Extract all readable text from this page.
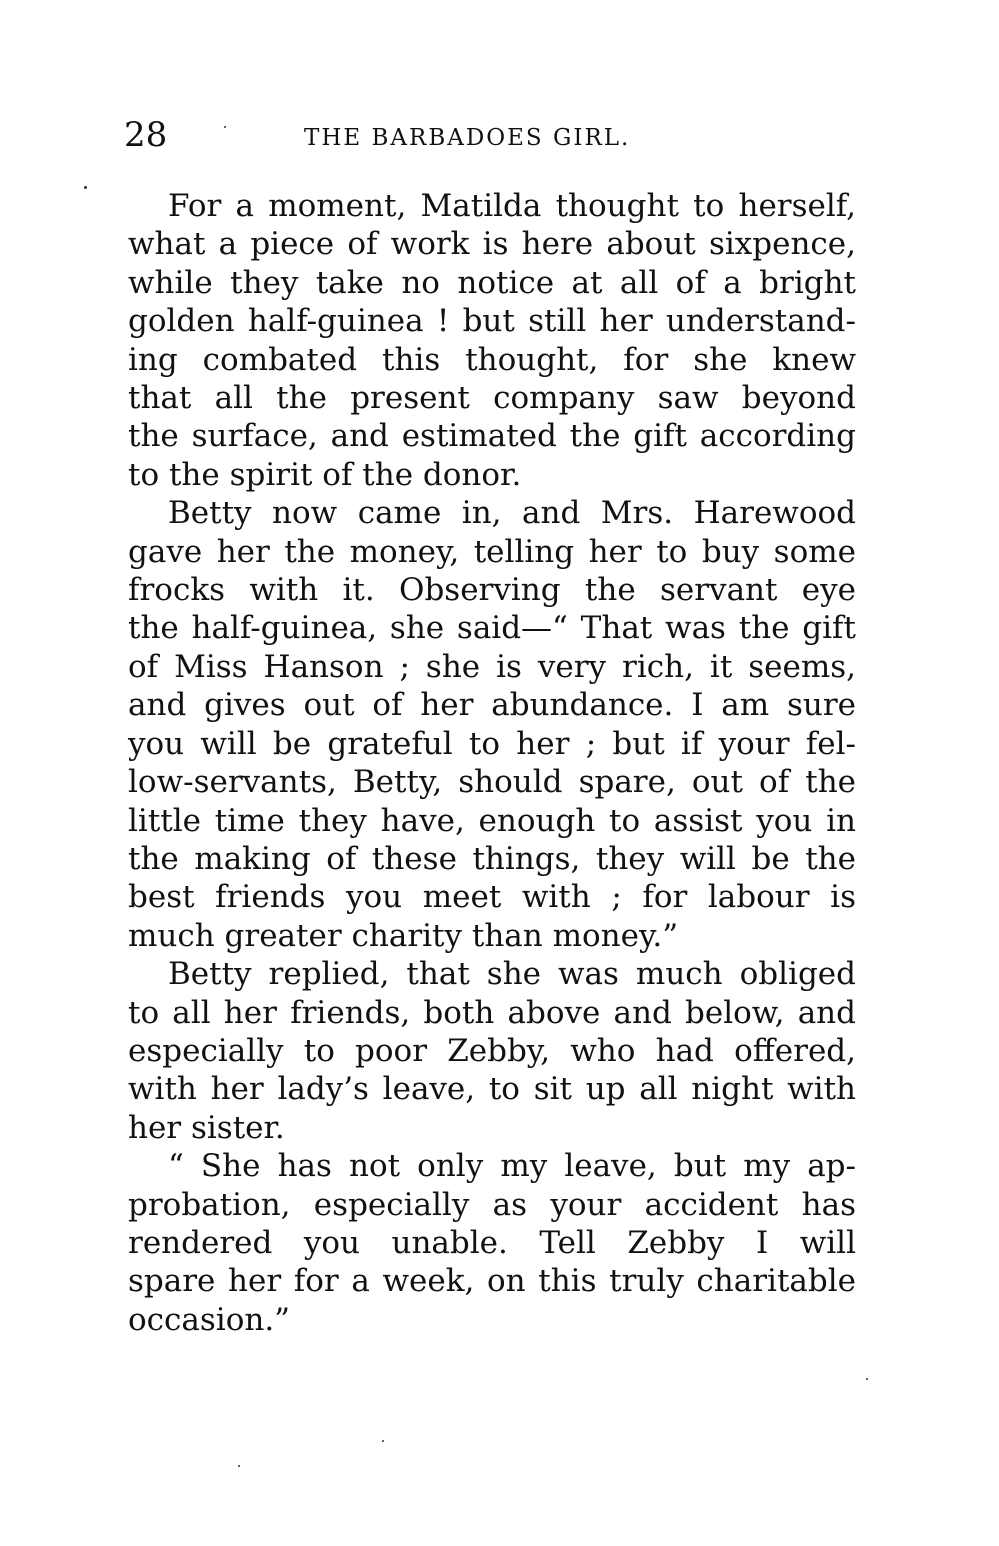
28	THE BARBADOES GIRL.
For a moment, Matilda thought to herself,
what a piece of work is here about sixpence,
while they take no notice at all of a bright
golden half-guinea ! but still her understand-
ing combated this thought, for she knew
that all the present company saw beyond
the surface, and estimated the gift according
to the spirit of the donor.
Betty now came in, and Mrs. Harewood
gave her the money, telling her to buy some
frocks with it. Observing the servant eye
the half-guinea, she said—“ That was the gift
of Miss Hanson ; she is very rich, it seems,
and gives out of her abundance. I am sure
you will be grateful to her ; but if your fel-
low-servants, Betty, should spare, out of the
little time they have, enough to assist you in
the making of these things, they will be the
best friends you meet with ; for labour is
much greater charity than money.”
Betty replied, that she was much obliged
to all her friends, both above and below, and
especially to poor Zebby, who had offered,
with her lady’s leave, to sit up all night with
her sister.
“ She has not only my leave, but my ap-
probation, especially as your accident has
rendered you unable. Tell Zebby I will
spare her for a week, on this truly charitable
occasion.”
